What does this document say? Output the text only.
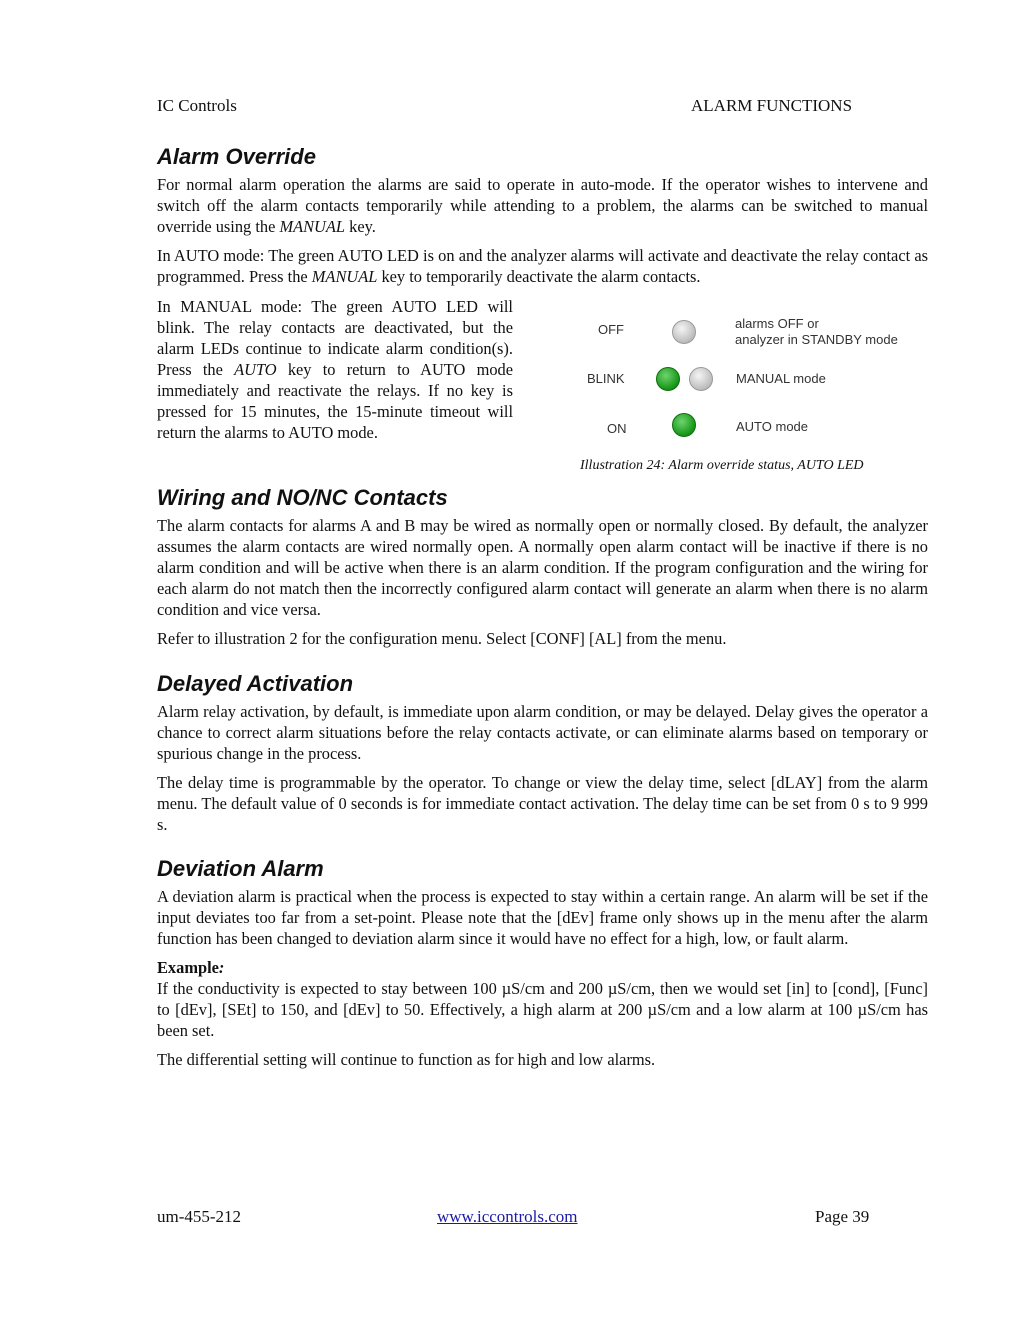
IC Controls	ALARM FUNCTIONS
Alarm Override

For normal alarm operation the alarms are said to operate in auto-mode. If the operator wishes to intervene and switch off the alarm contacts temporarily while attending to a problem, the alarms can be switched to manual override using the MANUAL key.

In AUTO mode: The green AUTO LED is on and the analyzer alarms will activate and deactivate the relay contact as programmed. Press the MANUAL key to temporarily deactivate the alarm contacts.

In MANUAL mode: The green AUTO LED will blink. The relay contacts are deactivated, but the alarm LEDs continue to indicate alarm condition(s). Press the AUTO key to return to AUTO mode immediately and reactivate the relays. If no key is pressed for 15 minutes, the 15-minute timeout will return the alarms to AUTO mode.

OFF	alarms OFF or
analyzer in STANDBY mode
BLINK	MANUAL mode
ON	AUTO mode
Illustration 24: Alarm override status, AUTO LED
Wiring and NO/NC Contacts

The alarm contacts for alarms A and B may be wired as normally open or normally closed. By default, the analyzer assumes the alarm contacts are wired normally open. A normally open alarm contact will be inactive if there is no alarm condition and will be active when there is an alarm condition. If the program configuration and the wiring for each alarm do not match then the incorrectly configured alarm contact will generate an alarm when there is no alarm condition and vice versa.

Refer to illustration 2 for the configuration menu. Select [CONF] [AL] from the menu.

Delayed Activation

Alarm relay activation, by default, is immediate upon alarm condition, or may be delayed. Delay gives the operator a chance to correct alarm situations before the relay contacts activate, or can eliminate alarms based on temporary or spurious change in the process.

The delay time is programmable by the operator. To change or view the delay time, select [dLAY] from the alarm menu. The default value of 0 seconds is for immediate contact activation. The delay time can be set from 0 s to 9 999 s.

Deviation Alarm

A deviation alarm is practical when the process is expected to stay within a certain range. An alarm will be set if the input deviates too far from a set-point. Please note that the [dEv] frame only shows up in the menu after the alarm function has been changed to deviation alarm since it would have no effect for a high, low, or fault alarm.

Example:

If the conductivity is expected to stay between 100 µS/cm and 200 µS/cm, then we would set [in] to [cond], [Func] to [dEv], [SEt] to 150, and [dEv] to 50. Effectively, a high alarm at 200 µS/cm and a low alarm at 100 µS/cm has been set.

The differential setting will continue to function as for high and low alarms.

um-455-212	www.iccontrols.com	Page 39
